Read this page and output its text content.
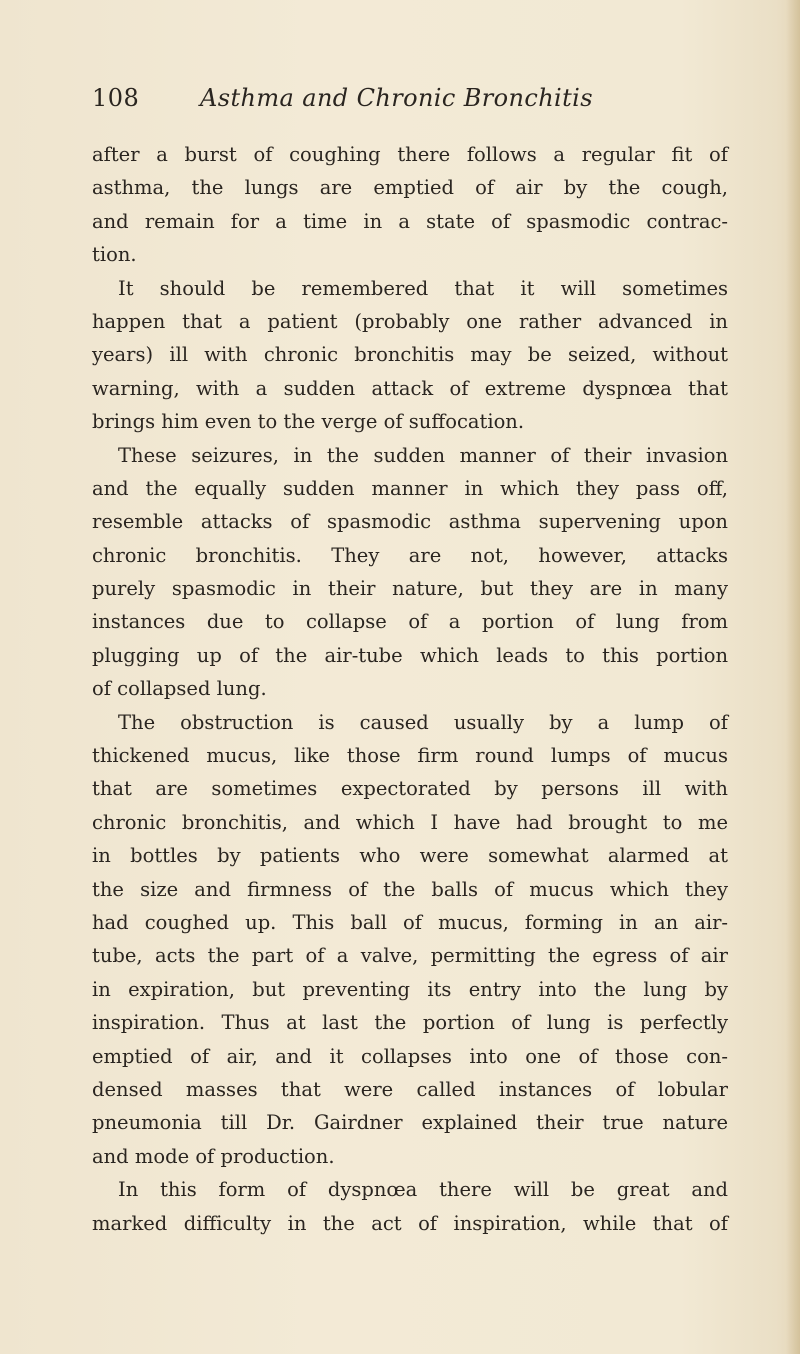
108	Asthma and Chronic Bronchitis
after a burst of coughing there follows a regular fit of
asthma, the lungs are emptied of air by the cough,
and remain for a time in a state of spasmodic contrac-
tion.
It should be remembered that it will sometimes
happen that a patient (probably one rather advanced in
years) ill with chronic bronchitis may be seized, without
warning, with a sudden attack of extreme dyspnœa that
brings him even to the verge of suffocation.
These seizures, in the sudden manner of their invasion
and the equally sudden manner in which they pass off,
resemble attacks of spasmodic asthma supervening upon
chronic bronchitis. They are not, however, attacks
purely spasmodic in their nature, but they are in many
instances due to collapse of a portion of lung from
plugging up of the air-tube which leads to this portion
of collapsed lung.
The obstruction is caused usually by a lump of
thickened mucus, like those firm round lumps of mucus
that are sometimes expectorated by persons ill with
chronic bronchitis, and which I have had brought to me
in bottles by patients who were somewhat alarmed at
the size and firmness of the balls of mucus which they
had coughed up. This ball of mucus, forming in an air-
tube, acts the part of a valve, permitting the egress of air
in expiration, but preventing its entry into the lung by
inspiration. Thus at last the portion of lung is perfectly
emptied of air, and it collapses into one of those con-
densed masses that were called instances of lobular
pneumonia till Dr. Gairdner explained their true nature
and mode of production.
In this form of dyspnœa there will be great and
marked difficulty in the act of inspiration, while that of
